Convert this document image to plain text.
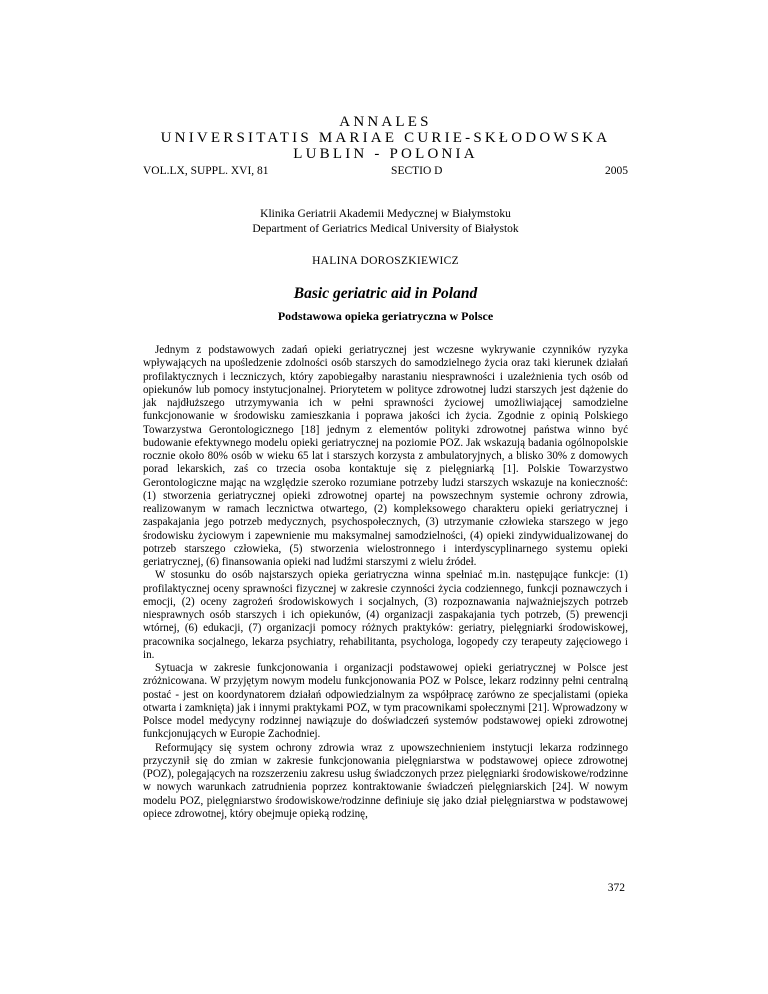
ANNALES
UNIVERSITATIS MARIAE CURIE-SKŁODOWSKA
LUBLIN - POLONIA
VOL.LX, SUPPL. XVI, 81	SECTIO D	2005
Klinika Geriatrii Akademii Medycznej w Białymstoku
Department of Geriatrics Medical University of Białystok
HALINA DOROSZKIEWICZ
Basic geriatric aid in Poland
Podstawowa opieka geriatryczna w Polsce

Jednym z podstawowych zadań opieki geriatrycznej jest wczesne wykrywanie czynników ryzyka wpływających na upośledzenie zdolności osób starszych do samodzielnego życia oraz taki kierunek działań profilaktycznych i leczniczych, który zapobiegałby narastaniu niesprawności i uzależnienia tych osób od opiekunów lub pomocy instytucjonalnej. Priorytetem w polityce zdrowotnej ludzi starszych jest dążenie do jak najdłuższego utrzymywania ich w pełni sprawności życiowej umożliwiającej samodzielne funkcjonowanie w środowisku zamieszkania i poprawa jakości ich życia. Zgodnie z opinią Polskiego Towarzystwa Gerontologicznego [18] jednym z elementów polityki zdrowotnej państwa winno być budowanie efektywnego modelu opieki geriatrycznej na poziomie POZ. Jak wskazują badania ogólnopolskie rocznie około 80% osób w wieku 65 lat i starszych korzysta z ambulatoryjnych, a blisko 30% z domowych porad lekarskich, zaś co trzecia osoba kontaktuje się z pielęgniarką [1]. Polskie Towarzystwo Gerontologiczne mając na względzie szeroko rozumiane potrzeby ludzi starszych wskazuje na konieczność: (1) stworzenia geriatrycznej opieki zdrowotnej opartej na powszechnym systemie ochrony zdrowia, realizowanym w ramach lecznictwa otwartego, (2) kompleksowego charakteru opieki geriatrycznej i zaspakajania jego potrzeb medycznych, psychospołecznych, (3) utrzymanie człowieka starszego w jego środowisku życiowym i zapewnienie mu maksymalnej samodzielności, (4) opieki zindywidualizowanej do potrzeb starszego człowieka, (5) stworzenia wielostronnego i interdyscyplinarnego systemu opieki geriatrycznej, (6) finansowania opieki nad ludźmi starszymi z wielu źródeł.

W stosunku do osób najstarszych opieka geriatryczna winna spełniać m.in. następujące funkcje: (1) profilaktycznej oceny sprawności fizycznej w zakresie czynności życia codziennego, funkcji poznawczych i emocji, (2) oceny zagrożeń środowiskowych i socjalnych, (3) rozpoznawania najważniejszych potrzeb niesprawnych osób starszych i ich opiekunów, (4) organizacji zaspakajania tych potrzeb, (5) prewencji wtórnej, (6) edukacji, (7) organizacji pomocy różnych praktyków: geriatry, pielęgniarki środowiskowej, pracownika socjalnego, lekarza psychiatry, rehabilitanta, psychologa, logopedy czy terapeuty zajęciowego i in.

Sytuacja w zakresie funkcjonowania i organizacji podstawowej opieki geriatrycznej w Polsce jest zróżnicowana. W przyjętym nowym modelu funkcjonowania POZ w Polsce, lekarz rodzinny pełni centralną postać - jest on koordynatorem działań odpowiedzialnym za współpracę zarówno ze specjalistami (opieka otwarta i zamknięta) jak i innymi praktykami POZ, w tym pracownikami społecznymi [21]. Wprowadzony w Polsce model medycyny rodzinnej nawiązuje do doświadczeń systemów podstawowej opieki zdrowotnej funkcjonujących w Europie Zachodniej.

Reformujący się system ochrony zdrowia wraz z upowszechnieniem instytucji lekarza rodzinnego przyczynił się do zmian w zakresie funkcjonowania pielęgniarstwa w podstawowej opiece zdrowotnej (POZ), polegających na rozszerzeniu zakresu usług świadczonych przez pielęgniarki środowiskowe/rodzinne w nowych warunkach zatrudnienia poprzez kontraktowanie świadczeń pielęgniarskich [24]. W nowym modelu POZ, pielęgniarstwo środowiskowe/rodzinne definiuje się jako dział pielęgniarstwa w podstawowej opiece zdrowotnej, który obejmuje opieką rodzinę,

372
